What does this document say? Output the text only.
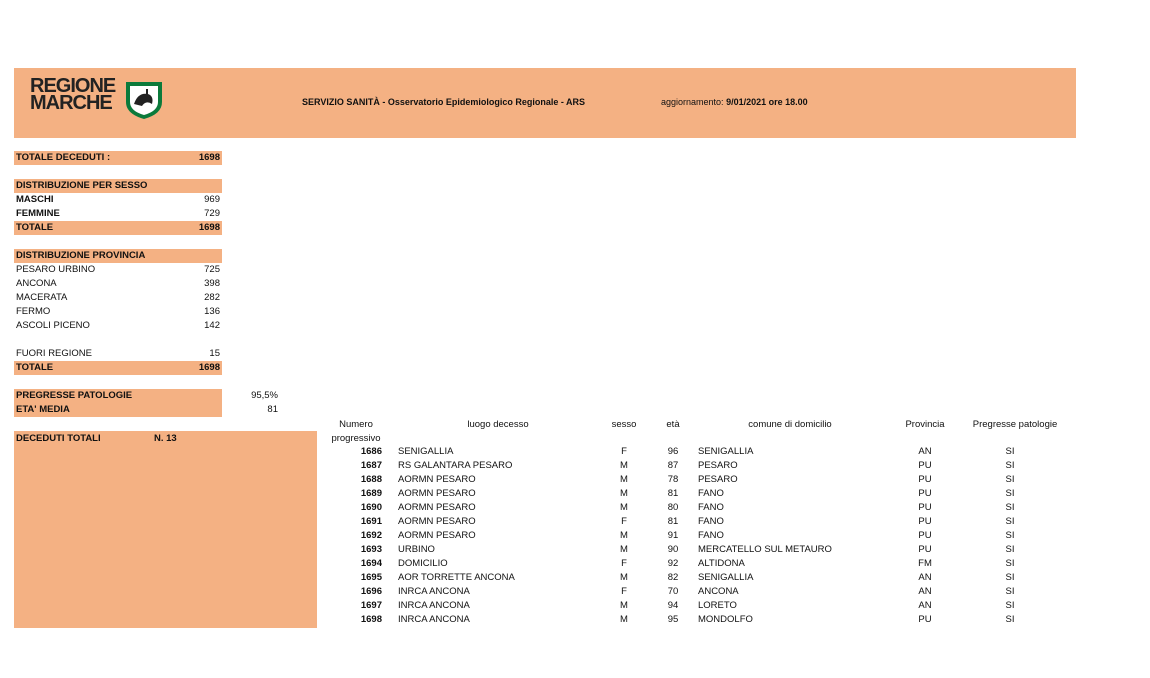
REGIONE
MARCHE	SERVIZIO SANITÀ - Osservatorio Epidemiologico Regionale - ARS	aggiornamento: 9/01/2021 ore 18.00
TOTALE DECEDUTI :	1698
DISTRIBUZIONE PER SESSO
MASCHI	969
FEMMINE	729
TOTALE	1698
DISTRIBUZIONE PROVINCIA
PESARO URBINO	725
ANCONA	398
MACERATA	282
FERMO	136
ASCOLI PICENO	142
FUORI REGIONE	15
TOTALE	1698
PREGRESSE PATOLOGIE	95,5%
ETA' MEDIA	81
DECEDUTI TOTALI	N. 13
Numero
progressivo
luogo decesso	sesso	età	comune di domicilio	Provincia	Pregresse patologie
1686 SENIGALLIA	F	96	SENIGALLIA	AN	SI
1687 RS GALANTARA PESARO	M	87	PESARO	PU	SI
1688 AORMN PESARO	M	78	PESARO	PU	SI
1689 AORMN PESARO	M	81	FANO	PU	SI
1690 AORMN PESARO	M	80	FANO	PU	SI
1691 AORMN PESARO	F	81	FANO	PU	SI
1692 AORMN PESARO	M	91	FANO	PU	SI
1693 URBINO	M	90	MERCATELLO SUL METAURO	PU	SI
1694 DOMICILIO	F	92	ALTIDONA	FM	SI
1695 AOR TORRETTE ANCONA	M	82	SENIGALLIA	AN	SI
1696 INRCA ANCONA	F	70	ANCONA	AN	SI
1697 INRCA ANCONA	M	94	LORETO	AN	SI
1698 INRCA ANCONA	M	95	MONDOLFO	PU	SI
